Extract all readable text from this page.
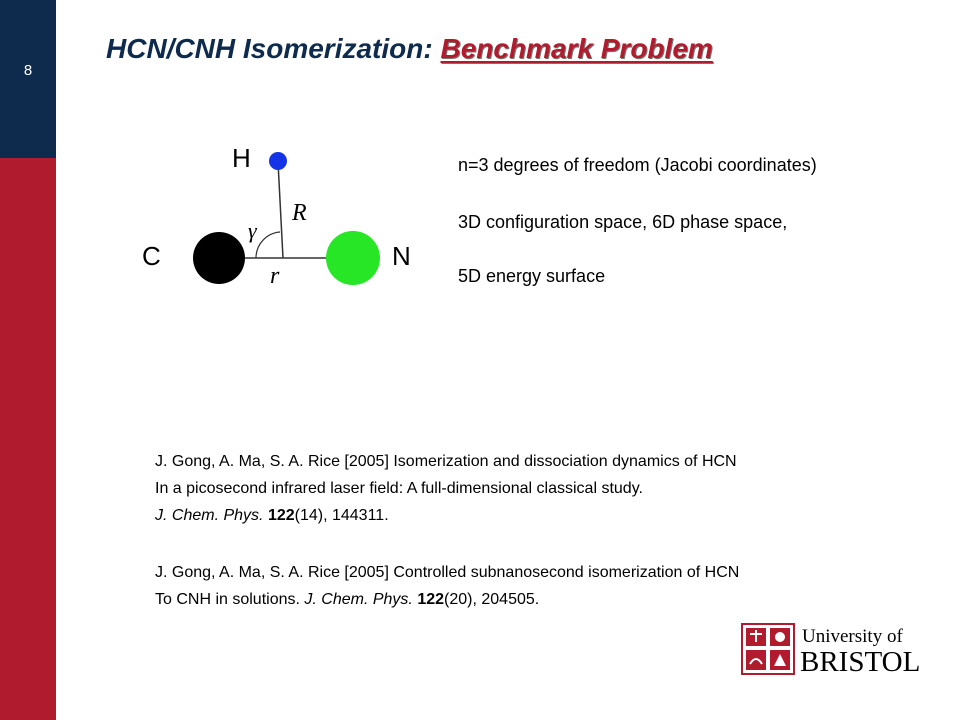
8
HCN/CNH Isomerization: Benchmark Problem
H
C	N
γ
R
r
n=3 degrees of freedom (Jacobi coordinates)
3D configuration space, 6D phase space,
5D energy surface
J. Gong, A. Ma, S. A. Rice [2005] Isomerization and dissociation dynamics of HCN
In a picosecond infrared laser field: A full-dimensional classical study.
J. Chem. Phys. 122(14), 144311.
J. Gong, A. Ma, S. A. Rice [2005] Controlled subnanosecond isomerization of HCN
To CNH in solutions. J. Chem. Phys. 122(20), 204505.
University of
BRISTOL
